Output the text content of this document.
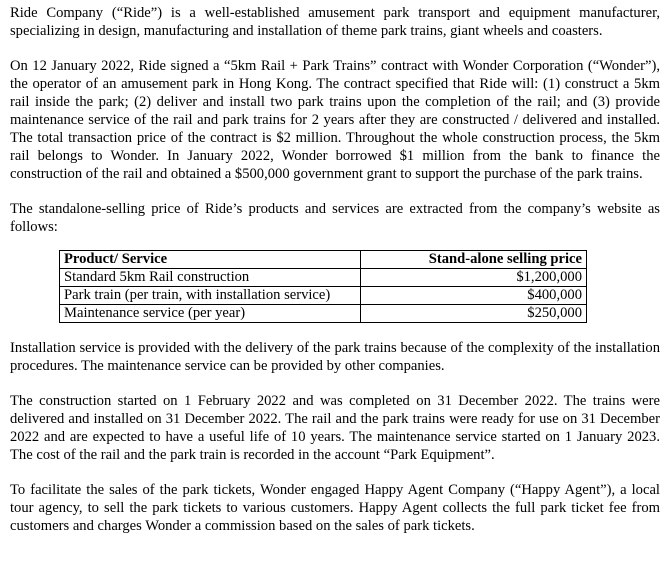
Ride Company (“Ride”) is a well-established amusement park transport and equipment manufacturer, specializing in design, manufacturing and installation of theme park trains, giant wheels and coasters.

On 12 January 2022, Ride signed a “5km Rail + Park Trains” contract with Wonder Corporation (“Wonder”), the operator of an amusement park in Hong Kong. The contract specified that Ride will: (1) construct a 5km rail inside the park; (2) deliver and install two park trains upon the completion of the rail; and (3) provide maintenance service of the rail and park trains for 2 years after they are constructed / delivered and installed. The total transaction price of the contract is $2 million. Throughout the whole construction process, the 5km rail belongs to Wonder. In January 2022, Wonder borrowed $1 million from the bank to finance the construction of the rail and obtained a $500,000 government grant to support the purchase of the park trains.

The standalone-selling price of Ride’s products and services are extracted from the company’s website as follows:

Product/ Service	Stand-alone selling price
Standard 5km Rail construction	$1,200,000
Park train (per train, with installation service)	$400,000
Maintenance service (per year)	$250,000

Installation service is provided with the delivery of the park trains because of the complexity of the installation procedures. The maintenance service can be provided by other companies.

The construction started on 1 February 2022 and was completed on 31 December 2022. The trains were delivered and installed on 31 December 2022. The rail and the park trains were ready for use on 31 December 2022 and are expected to have a useful life of 10 years. The maintenance service started on 1 January 2023. The cost of the rail and the park train is recorded in the account “Park Equipment”.

To facilitate the sales of the park tickets, Wonder engaged Happy Agent Company (“Happy Agent”), a local tour agency, to sell the park tickets to various customers. Happy Agent collects the full park ticket fee from customers and charges Wonder a commission based on the sales of park tickets.
